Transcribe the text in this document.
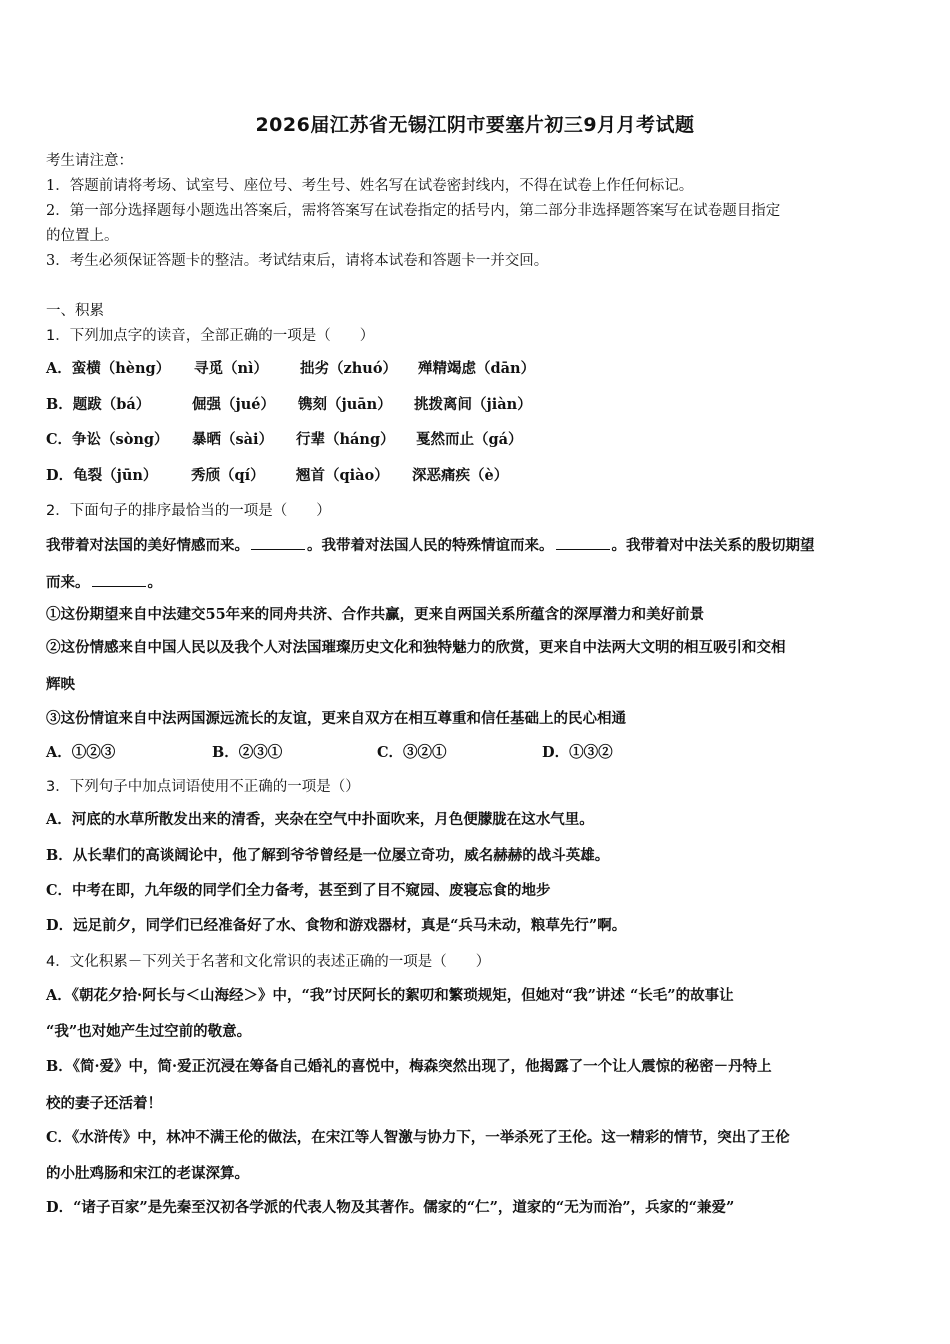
2026届江苏省无锡江阴市要塞片初三9月月考试题
考生请注意：
1．答题前请将考场、试室号、座位号、考生号、姓名写在试卷密封线内，不得在试卷上作任何标记。
2．第一部分选择题每小题选出答案后，需将答案写在试卷指定的括号内，第二部分非选择题答案写在试卷题目指定
的位置上。
3．考生必须保证答题卡的整洁。考试结束后，请将本试卷和答题卡一并交回。
一、积累
1．下列加点字的读音，全部正确的一项是（　　）
A．蛮横（hèng） 寻觅（nì） 拙劣（zhuó） 殚精竭虑（dān）
B．题跋（bá）	倔强（jué） 镌刻（juān） 挑拨离间（jiàn）
C．争讼（sòng） 暴晒（sài） 行辈（háng） 戛然而止（gá）
D．龟裂（jūn） 秀颀（qí） 翘首（qiào） 深恶痛疾（è）
2．下面句子的排序最恰当的一项是（　　）
我带着对法国的美好情感而来。	。我带着对法国人民的特殊情谊而来。	。我带着对中法关系的殷切期望
而来。	。
①这份期望来自中法建交55年来的同舟共济、合作共赢，更来自两国关系所蕴含的深厚潜力和美好前景
②这份情感来自中国人民以及我个人对法国璀璨历史文化和独特魅力的欣赏，更来自中法两大文明的相互吸引和交相
辉映
③这份情谊来自中法两国源远流长的友谊，更来自双方在相互尊重和信任基础上的民心相通
A．①②③	B．②③①	C．③②①	D．①③②
3．下列句子中加点词语使用不正确的一项是（）
A．河底的水草所散发出来的清香，夹杂在空气中扑面吹来，月色便朦胧在这水气里。
B．从长辈们的高谈阔论中，他了解到爷爷曾经是一位屡立奇功，威名赫赫的战斗英雄。
C．中考在即，九年级的同学们全力备考，甚至到了目不窥园、废寝忘食的地步
D．远足前夕，同学们已经准备好了水、食物和游戏器材，真是“兵马未动，粮草先行”啊。
4．文化积累－下列关于名著和文化常识的表述正确的一项是（　　）
A．《朝花夕拾·阿长与＜山海经＞》中，“我”讨厌阿长的絮叨和繁琐规矩，但她对“我”讲述 “长毛”的故事让
“我”也对她产生过空前的敬意。
B．《简·爱》中，简·爱正沉浸在筹备自己婚礼的喜悦中，梅森突然出现了，他揭露了一个让人震惊的秘密－丹特上
校的妻子还活着！
C．《水浒传》中，林冲不满王伦的做法，在宋江等人智激与协力下，一举杀死了王伦。这一精彩的情节，突出了王伦
的小肚鸡肠和宋江的老谋深算。
D．“诸子百家”是先秦至汉初各学派的代表人物及其著作。儒家的“仁”，道家的“无为而治”，兵家的“兼爱”
